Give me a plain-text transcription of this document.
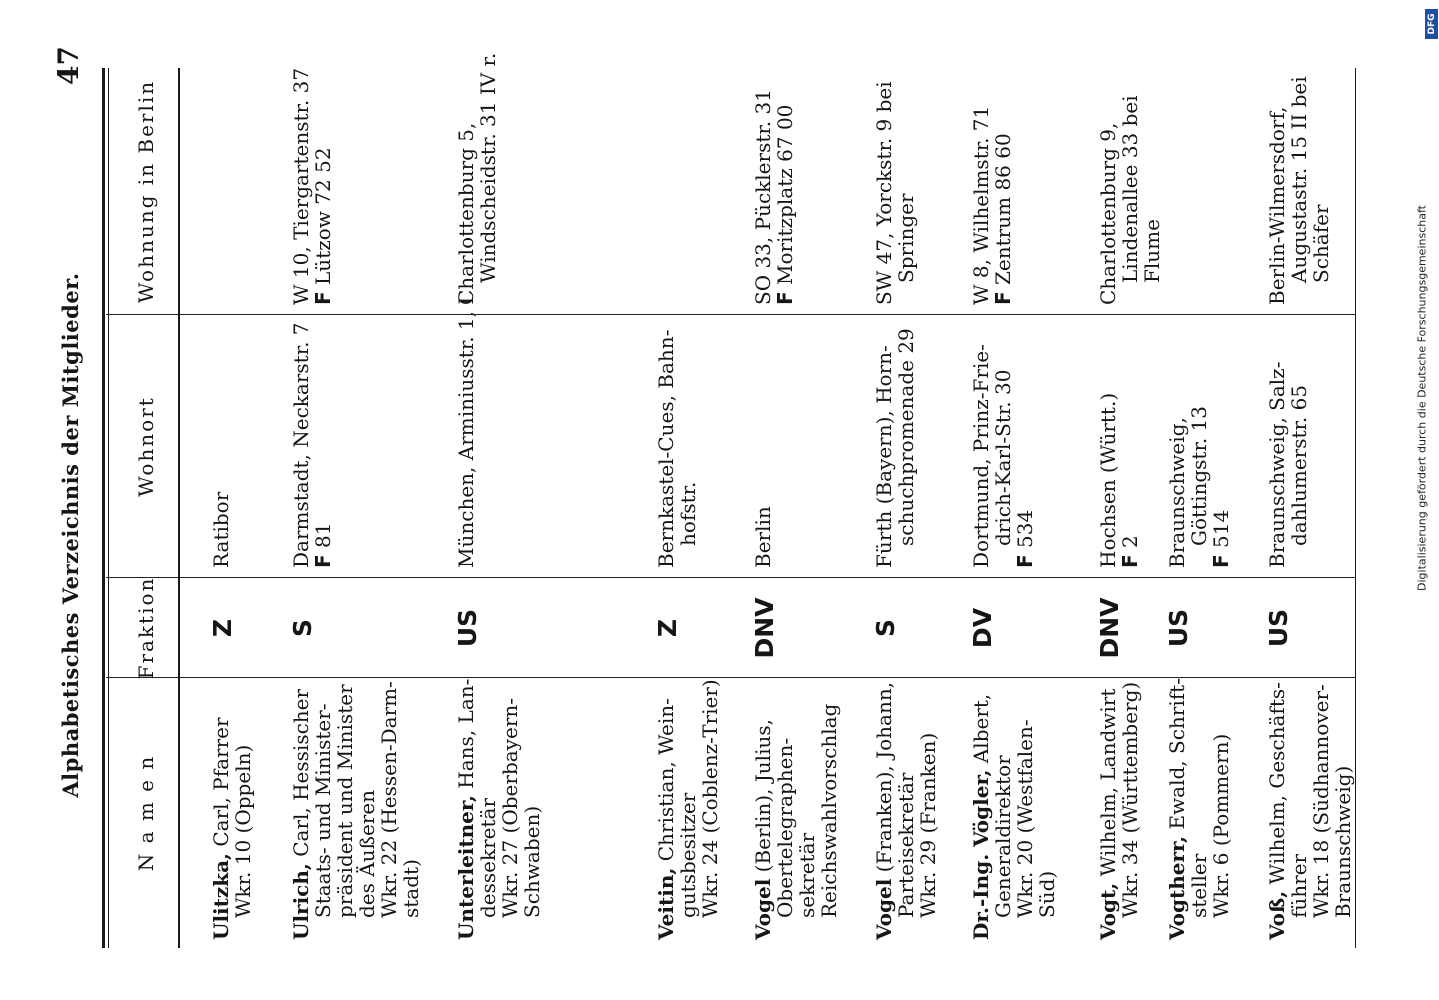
47
Alphabetisches Verzeichnis der Mitglieder.
N a m e n
Fraktion
Wohnort
Wohnung in Berlin
Ulitzka, Carl, Pfarrer
Wkr. 10 (Oppeln)
Z
Ratibor
Ulrich, Carl, Hessischer
Staats- und Minister-
präsident und Minister
des Äußeren
Wkr. 22 (Hessen-Darm-
stadt)
S
Darmstadt, Neckarstr. 7
F 81
W 10, Tiergartenstr. 37
F Lützow 72 52
Unterleitner, Hans, Lan-
dessekretär
Wkr. 27 (Oberbayern-
Schwaben)
US
München, Arminiusstr. 1, I
Charlottenburg 5,
Windscheidstr. 31 IV r.
Veitin, Christian, Wein-
gutsbesitzer
Wkr. 24 (Coblenz-Trier)
Z
Bernkastel-Cues, Bahn-
hofstr.
Vogel (Berlin), Julius,
Obertelegraphen-
sekretär
Reichswahlvorschlag
DNV
Berlin
SO 33, Pücklerstr. 31
F Moritzplatz 67 00
Vogel (Franken), Johann,
Parteisekretär
Wkr. 29 (Franken)
S
Fürth (Bayern), Horn-
schuchpromenade 29
SW 47, Yorckstr. 9 bei
Springer
Dr.-Ing. Vögler, Albert,
Generaldirektor
Wkr. 20 (Westfalen-
Süd)
DV
Dortmund, Prinz-Frie-
drich-Karl-Str. 30
F 534
W 8, Wilhelmstr. 71
F Zentrum 86 60
Vogt, Wilhelm, Landwirt
Wkr. 34 (Württemberg)
DNV
Hochsen (Württ.)
F 2
Charlottenburg 9,
Lindenallee 33 bei
Flume
Vogtherr, Ewald, Schrift-
steller
Wkr. 6 (Pommern)
US
Braunschweig,
Göttingstr. 13
F 514
Voß, Wilhelm, Geschäfts-
führer
Wkr. 18 (Südhannover-
Braunschweig)
US
Braunschweig, Salz-
dahlumerstr. 65
Berlin-Wilmersdorf,
Augustastr. 15 II bei
Schäfer	Digitalisierung gefördert durch die Deutsche Forschungsgemeinschaft
DFG
